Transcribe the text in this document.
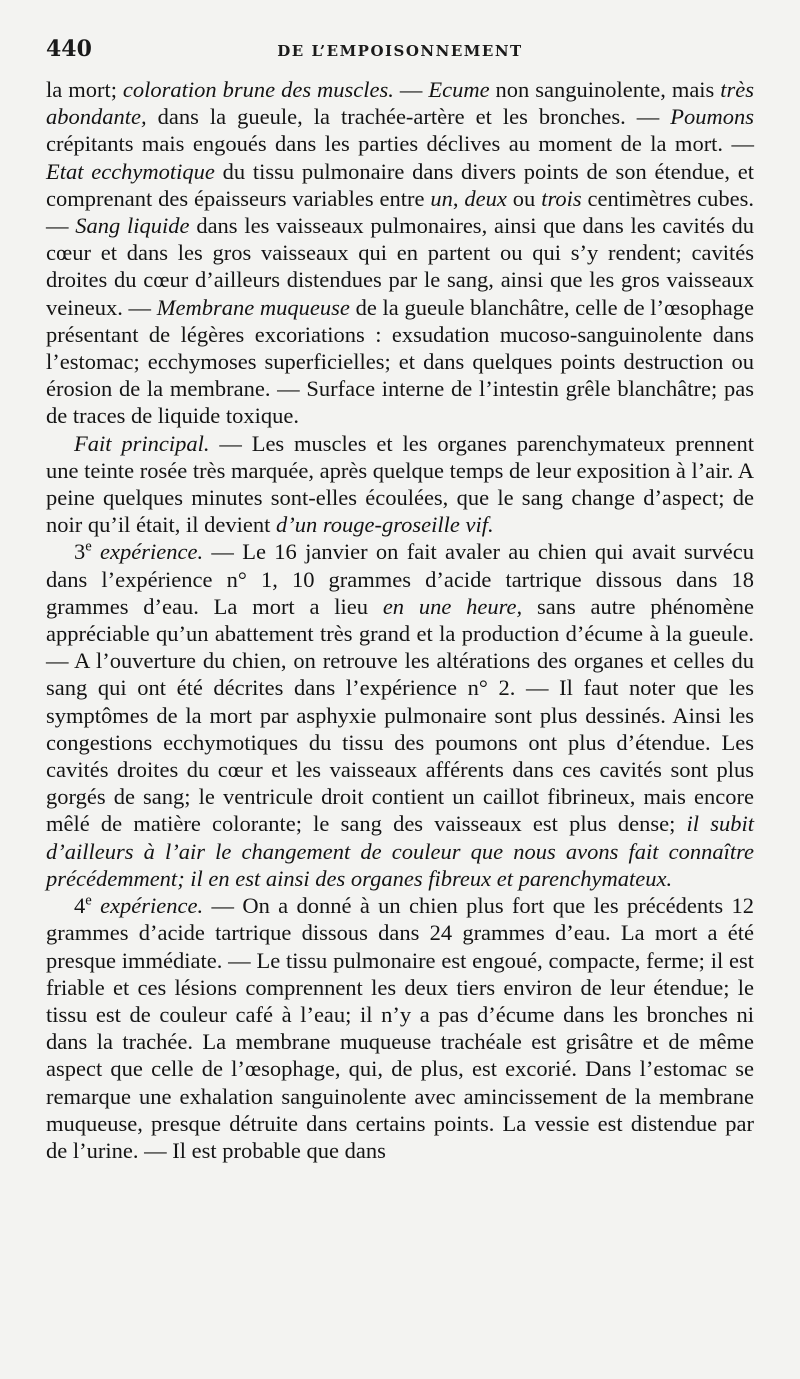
440	DE L’EMPOISONNEMENT

la mort; coloration brune des muscles. — Ecume non sanguinolente, mais très abondante, dans la gueule, la trachée-artère et les bronches. — Poumons crépitants mais engoués dans les parties déclives au moment de la mort. — Etat ecchymotique du tissu pulmonaire dans divers points de son étendue, et comprenant des épaisseurs variables entre un, deux ou trois centimètres cubes. — Sang liquide dans les vaisseaux pulmonaires, ainsi que dans les cavités du cœur et dans les gros vaisseaux qui en partent ou qui s’y rendent; cavités droites du cœur d’ailleurs distendues par le sang, ainsi que les gros vaisseaux veineux. — Membrane muqueuse de la gueule blanchâtre, celle de l’œsophage présentant de légères excoriations : exsudation mucoso-sanguinolente dans l’estomac; ecchymoses superficielles; et dans quelques points destruction ou érosion de la membrane. — Surface interne de l’intestin grêle blanchâtre; pas de traces de liquide toxique.

Fait principal. — Les muscles et les organes parenchymateux prennent une teinte rosée très marquée, après quelque temps de leur exposition à l’air. A peine quelques minutes sont-elles écoulées, que le sang change d’aspect; de noir qu’il était, il devient d’un rouge-groseille vif.

3e expérience. — Le 16 janvier on fait avaler au chien qui avait survécu dans l’expérience n° 1, 10 grammes d’acide tartrique dissous dans 18 grammes d’eau. La mort a lieu en une heure, sans autre phénomène appréciable qu’un abattement très grand et la production d’écume à la gueule. — A l’ouverture du chien, on retrouve les altérations des organes et celles du sang qui ont été décrites dans l’expérience n° 2. — Il faut noter que les symptômes de la mort par asphyxie pulmonaire sont plus dessinés. Ainsi les congestions ecchymotiques du tissu des poumons ont plus d’étendue. Les cavités droites du cœur et les vaisseaux afférents dans ces cavités sont plus gorgés de sang; le ventricule droit contient un caillot fibrineux, mais encore mêlé de matière colorante; le sang des vaisseaux est plus dense; il subit d’ailleurs à l’air le changement de couleur que nous avons fait connaître précédemment; il en est ainsi des organes fibreux et parenchymateux.

4e expérience. — On a donné à un chien plus fort que les précédents 12 grammes d’acide tartrique dissous dans 24 grammes d’eau. La mort a été presque immédiate. — Le tissu pulmonaire est engoué, compacte, ferme; il est friable et ces lésions comprennent les deux tiers environ de leur étendue; le tissu est de couleur café à l’eau; il n’y a pas d’écume dans les bronches ni dans la trachée. La membrane muqueuse trachéale est grisâtre et de même aspect que celle de l’œsophage, qui, de plus, est excorié. Dans l’estomac se remarque une exhalation sanguinolente avec amincissement de la membrane muqueuse, presque détruite dans certains points. La vessie est distendue par de l’urine. — Il est probable que dans
